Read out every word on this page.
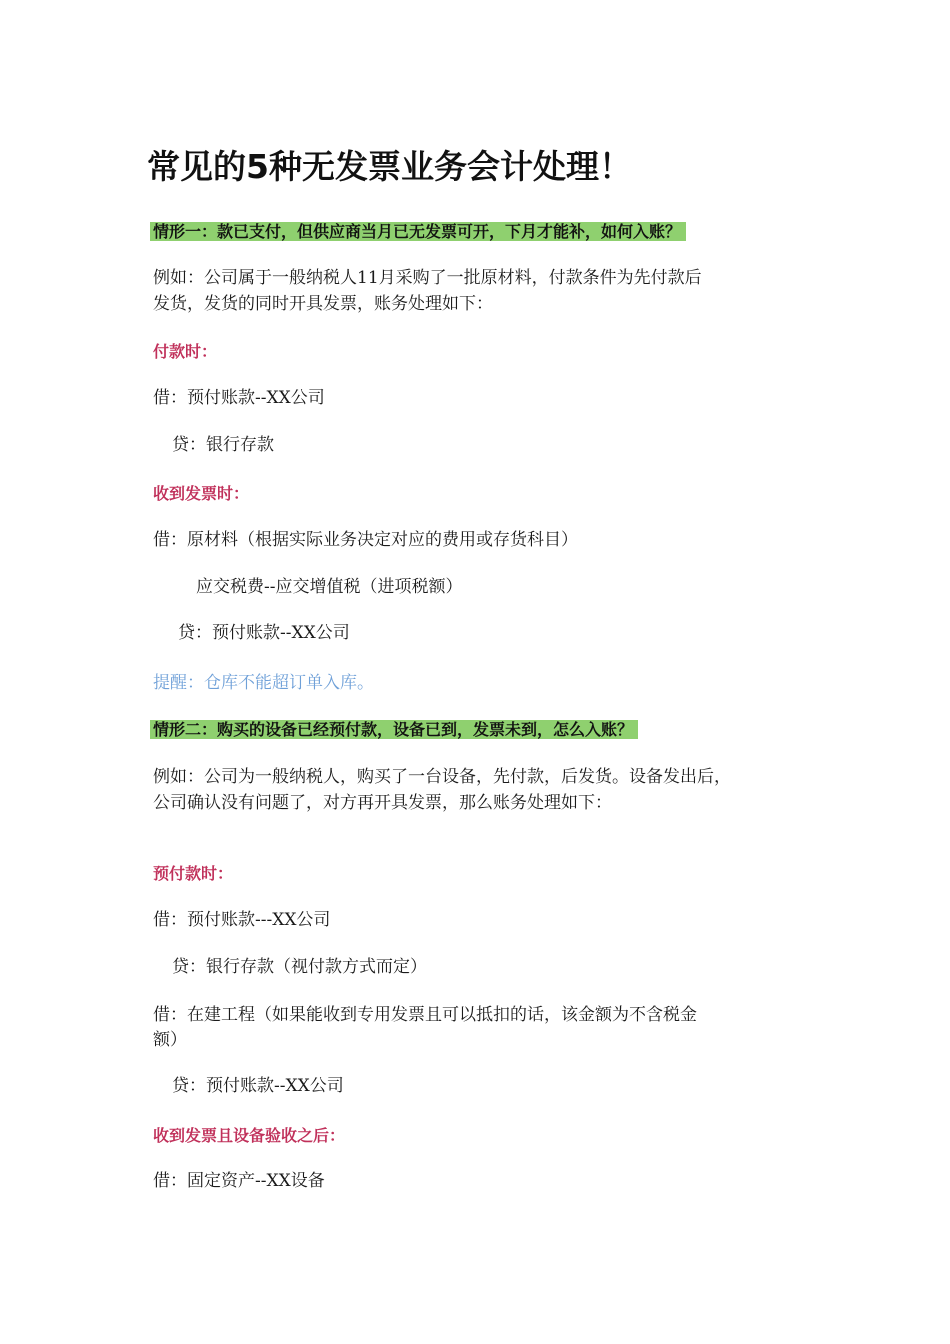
常见的5种无发票业务会计处理！
情形一：款已支付，但供应商当月已无发票可开，下月才能补，如何入账？
例如：公司属于一般纳税人11月采购了一批原材料，付款条件为先付款后
发货，发货的同时开具发票，账务处理如下：
付款时：
借：预付账款--XX公司
贷：银行存款
收到发票时：
借：原材料（根据实际业务决定对应的费用或存货科目）
应交税费--应交增值税（进项税额）
贷：预付账款--XX公司
提醒：仓库不能超订单入库。
情形二：购买的设备已经预付款，设备已到，发票未到，怎么入账？
例如：公司为一般纳税人，购买了一台设备，先付款，后发货。设备发出后，
公司确认没有问题了，对方再开具发票，那么账务处理如下：
预付款时：
借：预付账款---XX公司
贷：银行存款（视付款方式而定）
借：在建工程（如果能收到专用发票且可以抵扣的话，该金额为不含税金
额）
贷：预付账款--XX公司
收到发票且设备验收之后：
借：固定资产--XX设备
